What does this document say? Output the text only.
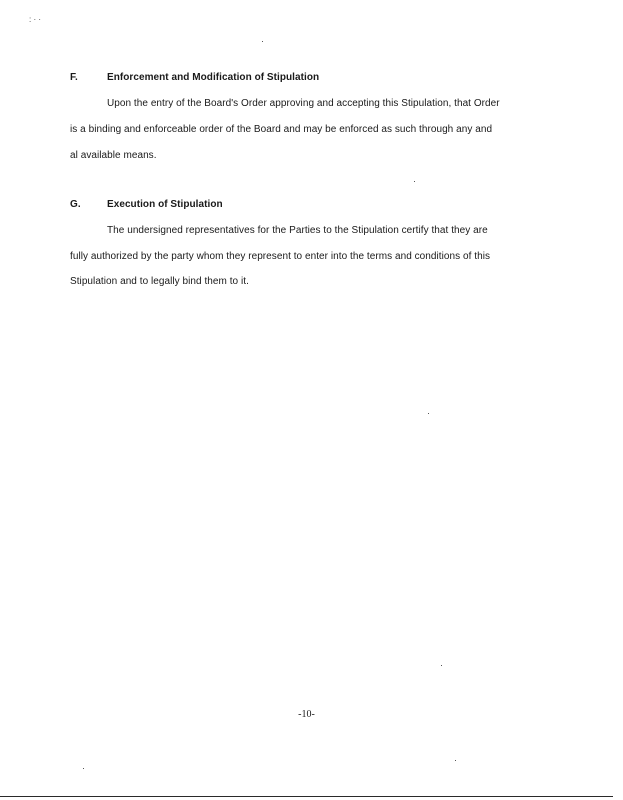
: · ·
F.	Enforcement and Modification of Stipulation
Upon the entry of the Board's Order approving and accepting this Stipulation, that Order
is a binding and enforceable order of the Board and may be enforced as such through any and
al available means.
G.	Execution of Stipulation
The undersigned representatives for the Parties to the Stipulation certify that they are
fully authorized by the party whom they represent to enter into the terms and conditions of this
Stipulation and to legally bind them to it.
-10-
